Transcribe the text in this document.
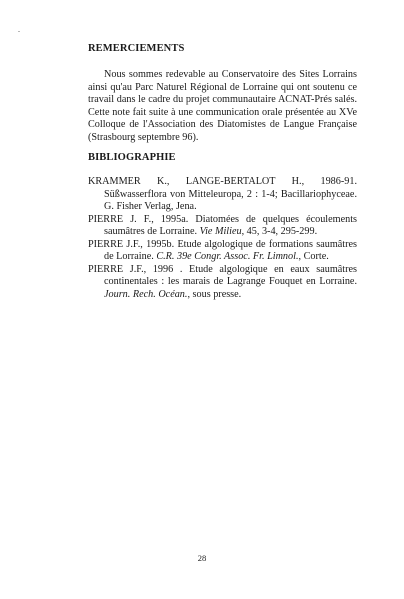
REMERCIEMENTS

Nous sommes redevable au Conservatoire des Sites Lorrains ainsi qu'au Parc Naturel Régional de Lorraine qui ont soutenu ce travail dans le cadre du projet communautaire ACNAT-Prés salés. Cette note fait suite à une communication orale présentée au XVe Colloque de l'Association des Diatomistes de Langue Française (Strasbourg septembre 96).

BIBLIOGRAPHIE
KRAMMER K., LANGE-BERTALOT H., 1986-91. Süßwasserflora von Mitteleuropa, 2 : 1-4; Bacillariophyceae. G. Fisher Verlag, Jena.
PIERRE J. F., 1995a. Diatomées de quelques écoulements saumâtres de Lorraine. Vie Milieu, 45, 3-4, 295-299.
PIERRE J.F., 1995b. Etude algologique de formations saumâtres de Lorraine. C.R. 39e Congr. Assoc. Fr. Limnol., Corte.
PIERRE J.F., 1996 . Etude algologique en eaux saumâtres continentales : les marais de Lagrange Fouquet en Lorraine. Journ. Rech. Océan., sous presse.

28
